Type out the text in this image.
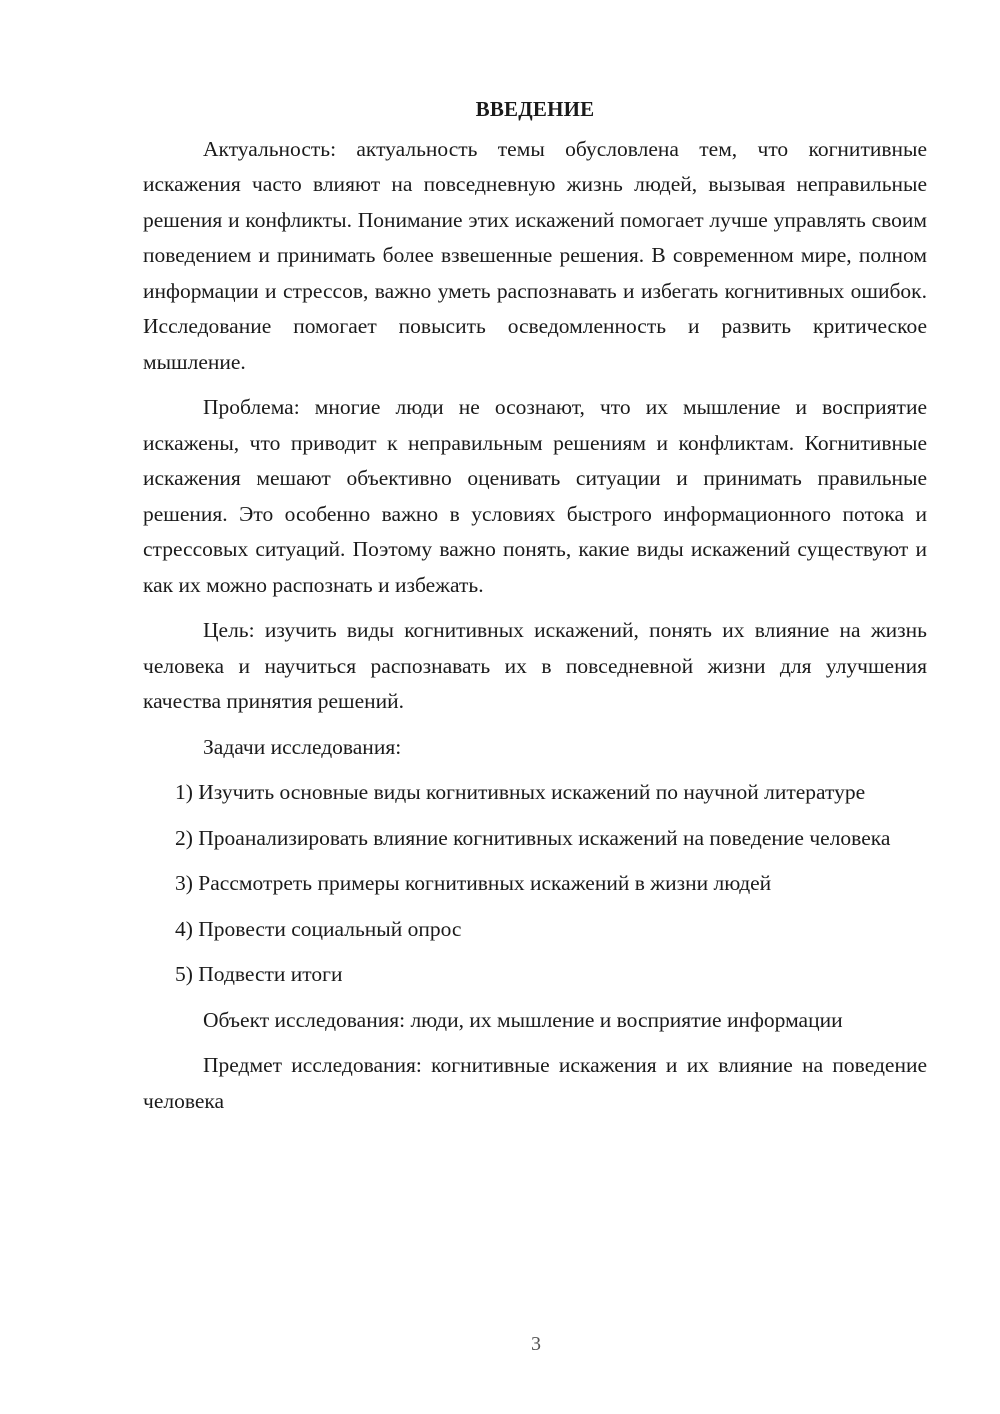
ВВЕДЕНИЕ

Актуальность: актуальность темы обусловлена тем, что когнитивные искажения часто влияют на повседневную жизнь людей, вызывая неправильные решения и конфликты. Понимание этих искажений помогает лучше управлять своим поведением и принимать более взвешенные решения. В современном мире, полном информации и стрессов, важно уметь распознавать и избегать когнитивных ошибок. Исследование помогает повысить осведомленность и развить критическое мышление.

Проблема: многие люди не осознают, что их мышление и восприятие искажены, что приводит к неправильным решениям и конфликтам. Когнитивные искажения мешают объективно оценивать ситуации и принимать правильные решения. Это особенно важно в условиях быстрого информационного потока и стрессовых ситуаций. Поэтому важно понять, какие виды искажений существуют и как их можно распознать и избежать.

Цель: изучить виды когнитивных искажений, понять их влияние на жизнь человека и научиться распознавать их в повседневной жизни для улучшения качества принятия решений.

Задачи исследования:

1) Изучить основные виды когнитивных искажений по научной литературе

2) Проанализировать влияние когнитивных искажений на поведение человека

3) Рассмотреть примеры когнитивных искажений в жизни людей

4) Провести социальный опрос

5) Подвести итоги

Объект исследования: люди, их мышление и восприятие информации

Предмет исследования: когнитивные искажения и их влияние на поведение человека

3
